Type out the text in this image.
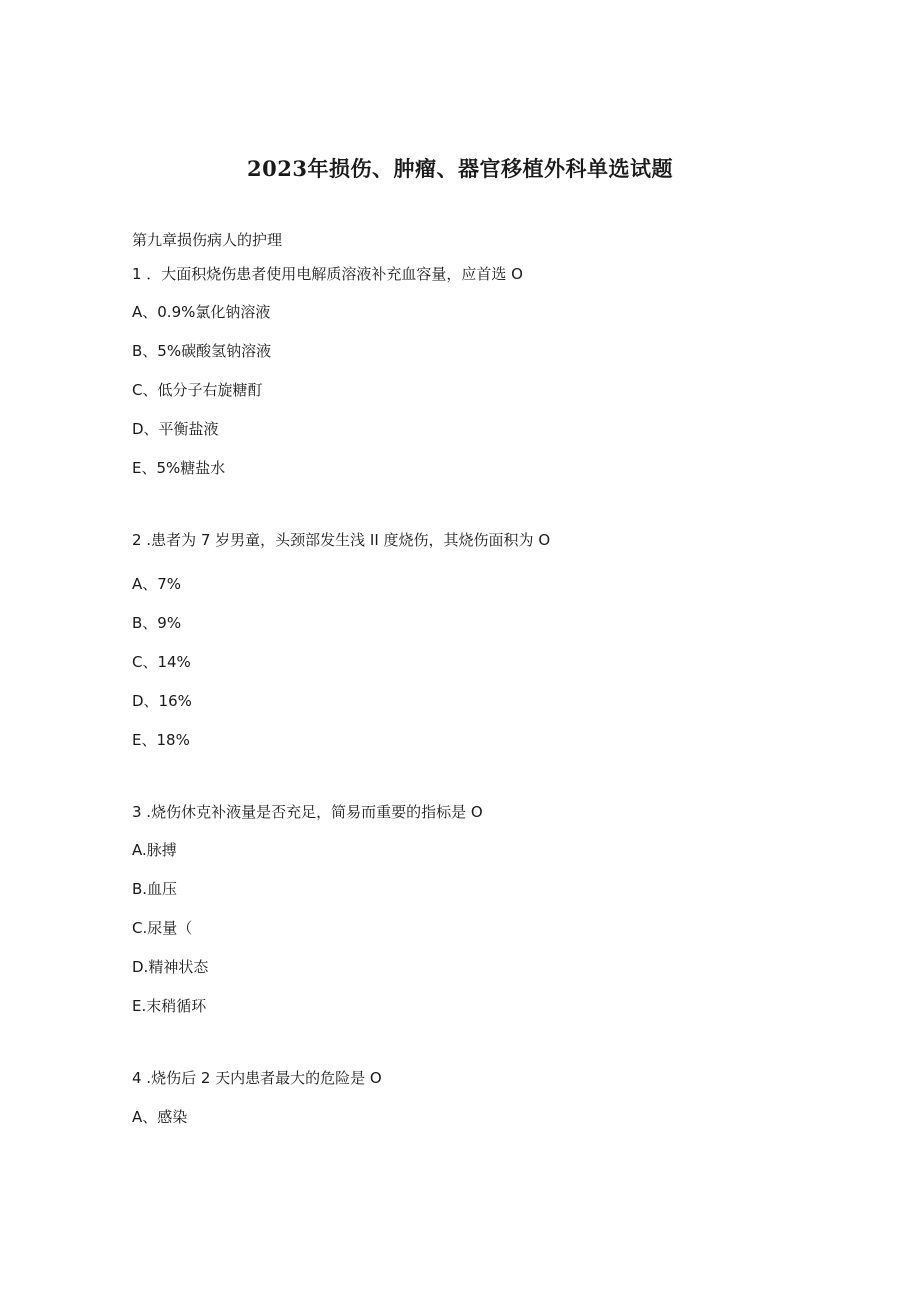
2023年损伤、肿瘤、器官移植外科单选试题
第九章损伤病人的护理
1 ．大面积烧伤患者使用电解质溶液补充血容量，应首选 O
A、0.9%氯化钠溶液
B、5%碳酸氢钠溶液
C、低分子右旋糖酊
D、平衡盐液
E、5%糖盐水
2 .患者为 7 岁男童，头颈部发生浅 II 度烧伤，其烧伤面积为 O
A、7%
B、9%
C、14%
D、16%
E、18%
3 .烧伤休克补液量是否充足，简易而重要的指标是 O
A.脉搏
B.血压
C.尿量（
D.精神状态
E.末稍循环
4 .烧伤后 2 天内患者最大的危险是 O
A、感染
